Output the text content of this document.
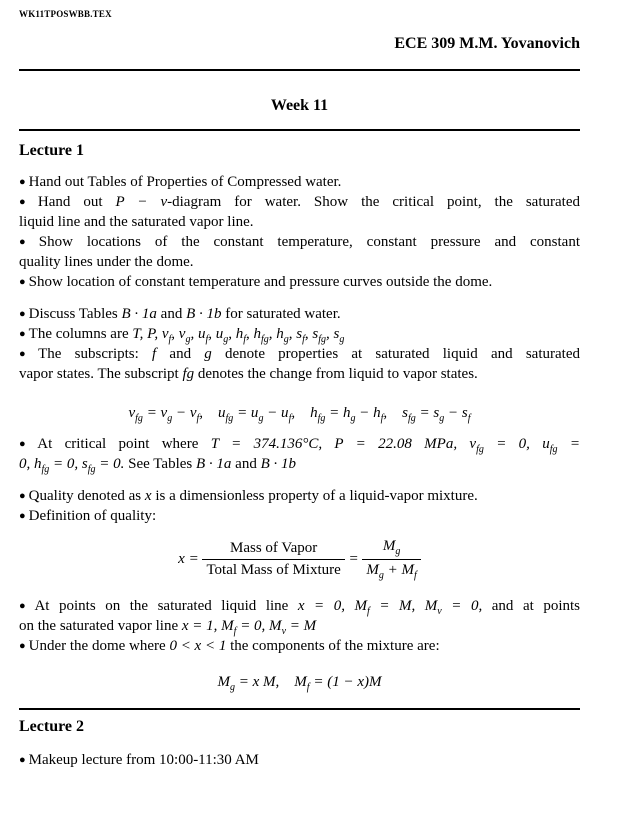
WK11TPOSWBB.TEX
ECE 309 M.M. Yovanovich
Week 11
Lecture 1
● Hand out Tables of Properties of Compressed water.
● Hand out P − v-diagram for water. Show the critical point, the saturated
liquid line and the saturated vapor line.
● Show locations of the constant temperature, constant pressure and constant
quality lines under the dome.
● Show location of constant temperature and pressure curves outside the dome.
● Discuss Tables B · 1a and B · 1b for saturated water.
● The columns are T, P, $v_f$, $v_g$, $u_f$, $u_g$, $h_f$, $h_{fg}$, $h_g$, $s_f$, $s_{fg}$, $s_g$
● The subscripts: f and g denote properties at saturated liquid and saturated
vapor states. The subscript fg denotes the change from liquid to vapor states.
$v_{fg} = v_g - v_f$,    $u_{fg} = u_g - u_f$,    $h_{fg} = h_g - h_f$,    $s_{fg} = s_g - s_f$
● At critical point where T = 374.136°C, P = 22.08 MPa, $v_{fg} = 0$, $u_{fg}$ =
0, $h_{fg} = 0$, $s_{fg} = 0$. See Tables B · 1a and B · 1b
● Quality denoted as x is a dimensionless property of a liquid-vapor mixture.
● Definition of quality:
$x = \frac{\text{Mass of Vapor}}{\text{Total Mass of Mixture}} = \frac{M_g}{M_g + M_f}$
● At points on the saturated liquid line x = 0, $M_f = M$, $M_v = 0$, and at points
on the saturated vapor line x = 1, $M_f = 0$, $M_v = M$
● Under the dome where 0 < x < 1 the components of the mixture are:
$M_g = x$ M,    $M_f = (1 - x)M$
Lecture 2
● Makeup lecture from 10:00-11:30 AM
